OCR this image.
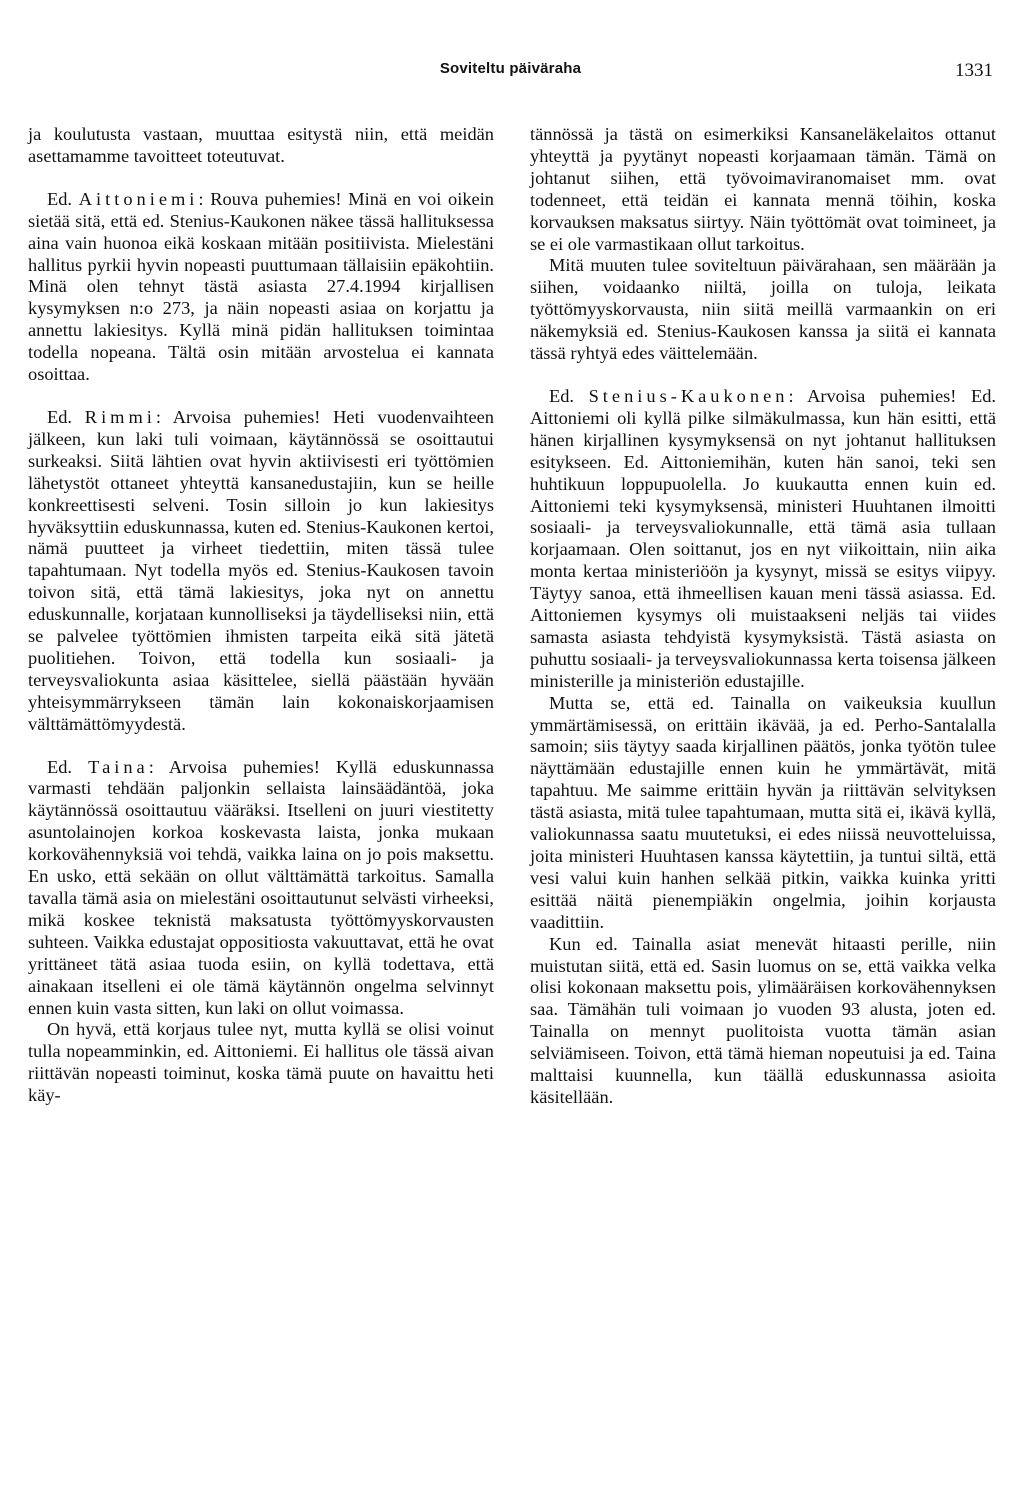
Soviteltu päiväraha	1331

ja koulutusta vastaan, muuttaa esitystä niin, että meidän asettamamme tavoitteet toteutuvat.

Ed. Aittoniemi: Rouva puhemies! Minä en voi oikein sietää sitä, että ed. Stenius-Kaukonen näkee tässä hallituksessa aina vain huonoa eikä koskaan mitään positiivista. Mielestäni hallitus pyrkii hyvin nopeasti puuttumaan tällaisiin epäkohtiin. Minä olen tehnyt tästä asiasta 27.4.1994 kirjallisen kysymyksen n:o 273, ja näin nopeasti asiaa on korjattu ja annettu lakiesitys. Kyllä minä pidän hallituksen toimintaa todella nopeana. Tältä osin mitään arvostelua ei kannata osoittaa.

Ed. Rimmi: Arvoisa puhemies! Heti vuodenvaihteen jälkeen, kun laki tuli voimaan, käytännössä se osoittautui surkeaksi. Siitä lähtien ovat hyvin aktiivisesti eri työttömien lähetystöt ottaneet yhteyttä kansanedustajiin, kun se heille konkreettisesti selveni. Tosin silloin jo kun lakiesitys hyväksyttiin eduskunnassa, kuten ed. Stenius-Kaukonen kertoi, nämä puutteet ja virheet tiedettiin, miten tässä tulee tapahtumaan. Nyt todella myös ed. Stenius-Kaukosen tavoin toivon sitä, että tämä lakiesitys, joka nyt on annettu eduskunnalle, korjataan kunnolliseksi ja täydelliseksi niin, että se palvelee työttömien ihmisten tarpeita eikä sitä jätetä puolitiehen. Toivon, että todella kun sosiaali- ja terveysvaliokunta asiaa käsittelee, siellä päästään hyvään yhteisymmärrykseen tämän lain kokonaiskorjaamisen välttämättömyydestä.

Ed. Taina: Arvoisa puhemies! Kyllä eduskunnassa varmasti tehdään paljonkin sellaista lainsäädäntöä, joka käytännössä osoittautuu vääräksi. Itselleni on juuri viestitetty asuntolainojen korkoa koskevasta laista, jonka mukaan korkovähennyksiä voi tehdä, vaikka laina on jo pois maksettu. En usko, että sekään on ollut välttämättä tarkoitus. Samalla tavalla tämä asia on mielestäni osoittautunut selvästi virheeksi, mikä koskee teknistä maksatusta työttömyyskorvausten suhteen. Vaikka edustajat oppositiosta vakuuttavat, että he ovat yrittäneet tätä asiaa tuoda esiin, on kyllä todettava, että ainakaan itselleni ei ole tämä käytännön ongelma selvinnyt ennen kuin vasta sitten, kun laki on ollut voimassa.

On hyvä, että korjaus tulee nyt, mutta kyllä se olisi voinut tulla nopeamminkin, ed. Aittoniemi. Ei hallitus ole tässä aivan riittävän nopeasti toiminut, koska tämä puute on havaittu heti käy-

tännössä ja tästä on esimerkiksi Kansaneläkelaitos ottanut yhteyttä ja pyytänyt nopeasti korjaamaan tämän. Tämä on johtanut siihen, että työvoimaviranomaiset mm. ovat todenneet, että teidän ei kannata mennä töihin, koska korvauksen maksatus siirtyy. Näin työttömät ovat toimineet, ja se ei ole varmastikaan ollut tarkoitus.

Mitä muuten tulee soviteltuun päivärahaan, sen määrään ja siihen, voidaanko niiltä, joilla on tuloja, leikata työttömyyskorvausta, niin siitä meillä varmaankin on eri näkemyksiä ed. Stenius-Kaukosen kanssa ja siitä ei kannata tässä ryhtyä edes väittelemään.

Ed. Stenius-Kaukonen: Arvoisa puhemies! Ed. Aittoniemi oli kyllä pilke silmäkulmassa, kun hän esitti, että hänen kirjallinen kysymyksensä on nyt johtanut hallituksen esitykseen. Ed. Aittoniemihän, kuten hän sanoi, teki sen huhtikuun loppupuolella. Jo kuukautta ennen kuin ed. Aittoniemi teki kysymyksensä, ministeri Huuhtanen ilmoitti sosiaali- ja terveysvaliokunnalle, että tämä asia tullaan korjaamaan. Olen soittanut, jos en nyt viikoittain, niin aika monta kertaa ministeriöön ja kysynyt, missä se esitys viipyy. Täytyy sanoa, että ihmeellisen kauan meni tässä asiassa. Ed. Aittoniemen kysymys oli muistaakseni neljäs tai viides samasta asiasta tehdyistä kysymyksistä. Tästä asiasta on puhuttu sosiaali- ja terveysvaliokunnassa kerta toisensa jälkeen ministerille ja ministeriön edustajille.

Mutta se, että ed. Tainalla on vaikeuksia kuullun ymmärtämisessä, on erittäin ikävää, ja ed. Perho-Santalalla samoin; siis täytyy saada kirjallinen päätös, jonka työtön tulee näyttämään edustajille ennen kuin he ymmärtävät, mitä tapahtuu. Me saimme erittäin hyvän ja riittävän selvityksen tästä asiasta, mitä tulee tapahtumaan, mutta sitä ei, ikävä kyllä, valiokunnassa saatu muutetuksi, ei edes niissä neuvotteluissa, joita ministeri Huuhtasen kanssa käytettiin, ja tuntui siltä, että vesi valui kuin hanhen selkää pitkin, vaikka kuinka yritti esittää näitä pienempiäkin ongelmia, joihin korjausta vaadittiin.

Kun ed. Tainalla asiat menevät hitaasti perille, niin muistutan siitä, että ed. Sasin luomus on se, että vaikka velka olisi kokonaan maksettu pois, ylimääräisen korkovähennyksen saa. Tämähän tuli voimaan jo vuoden 93 alusta, joten ed. Tainalla on mennyt puolitoista vuotta tämän asian selviämiseen. Toivon, että tämä hieman nopeutuisi ja ed. Taina malttaisi kuunnella, kun täällä eduskunnassa asioita käsitellään.
